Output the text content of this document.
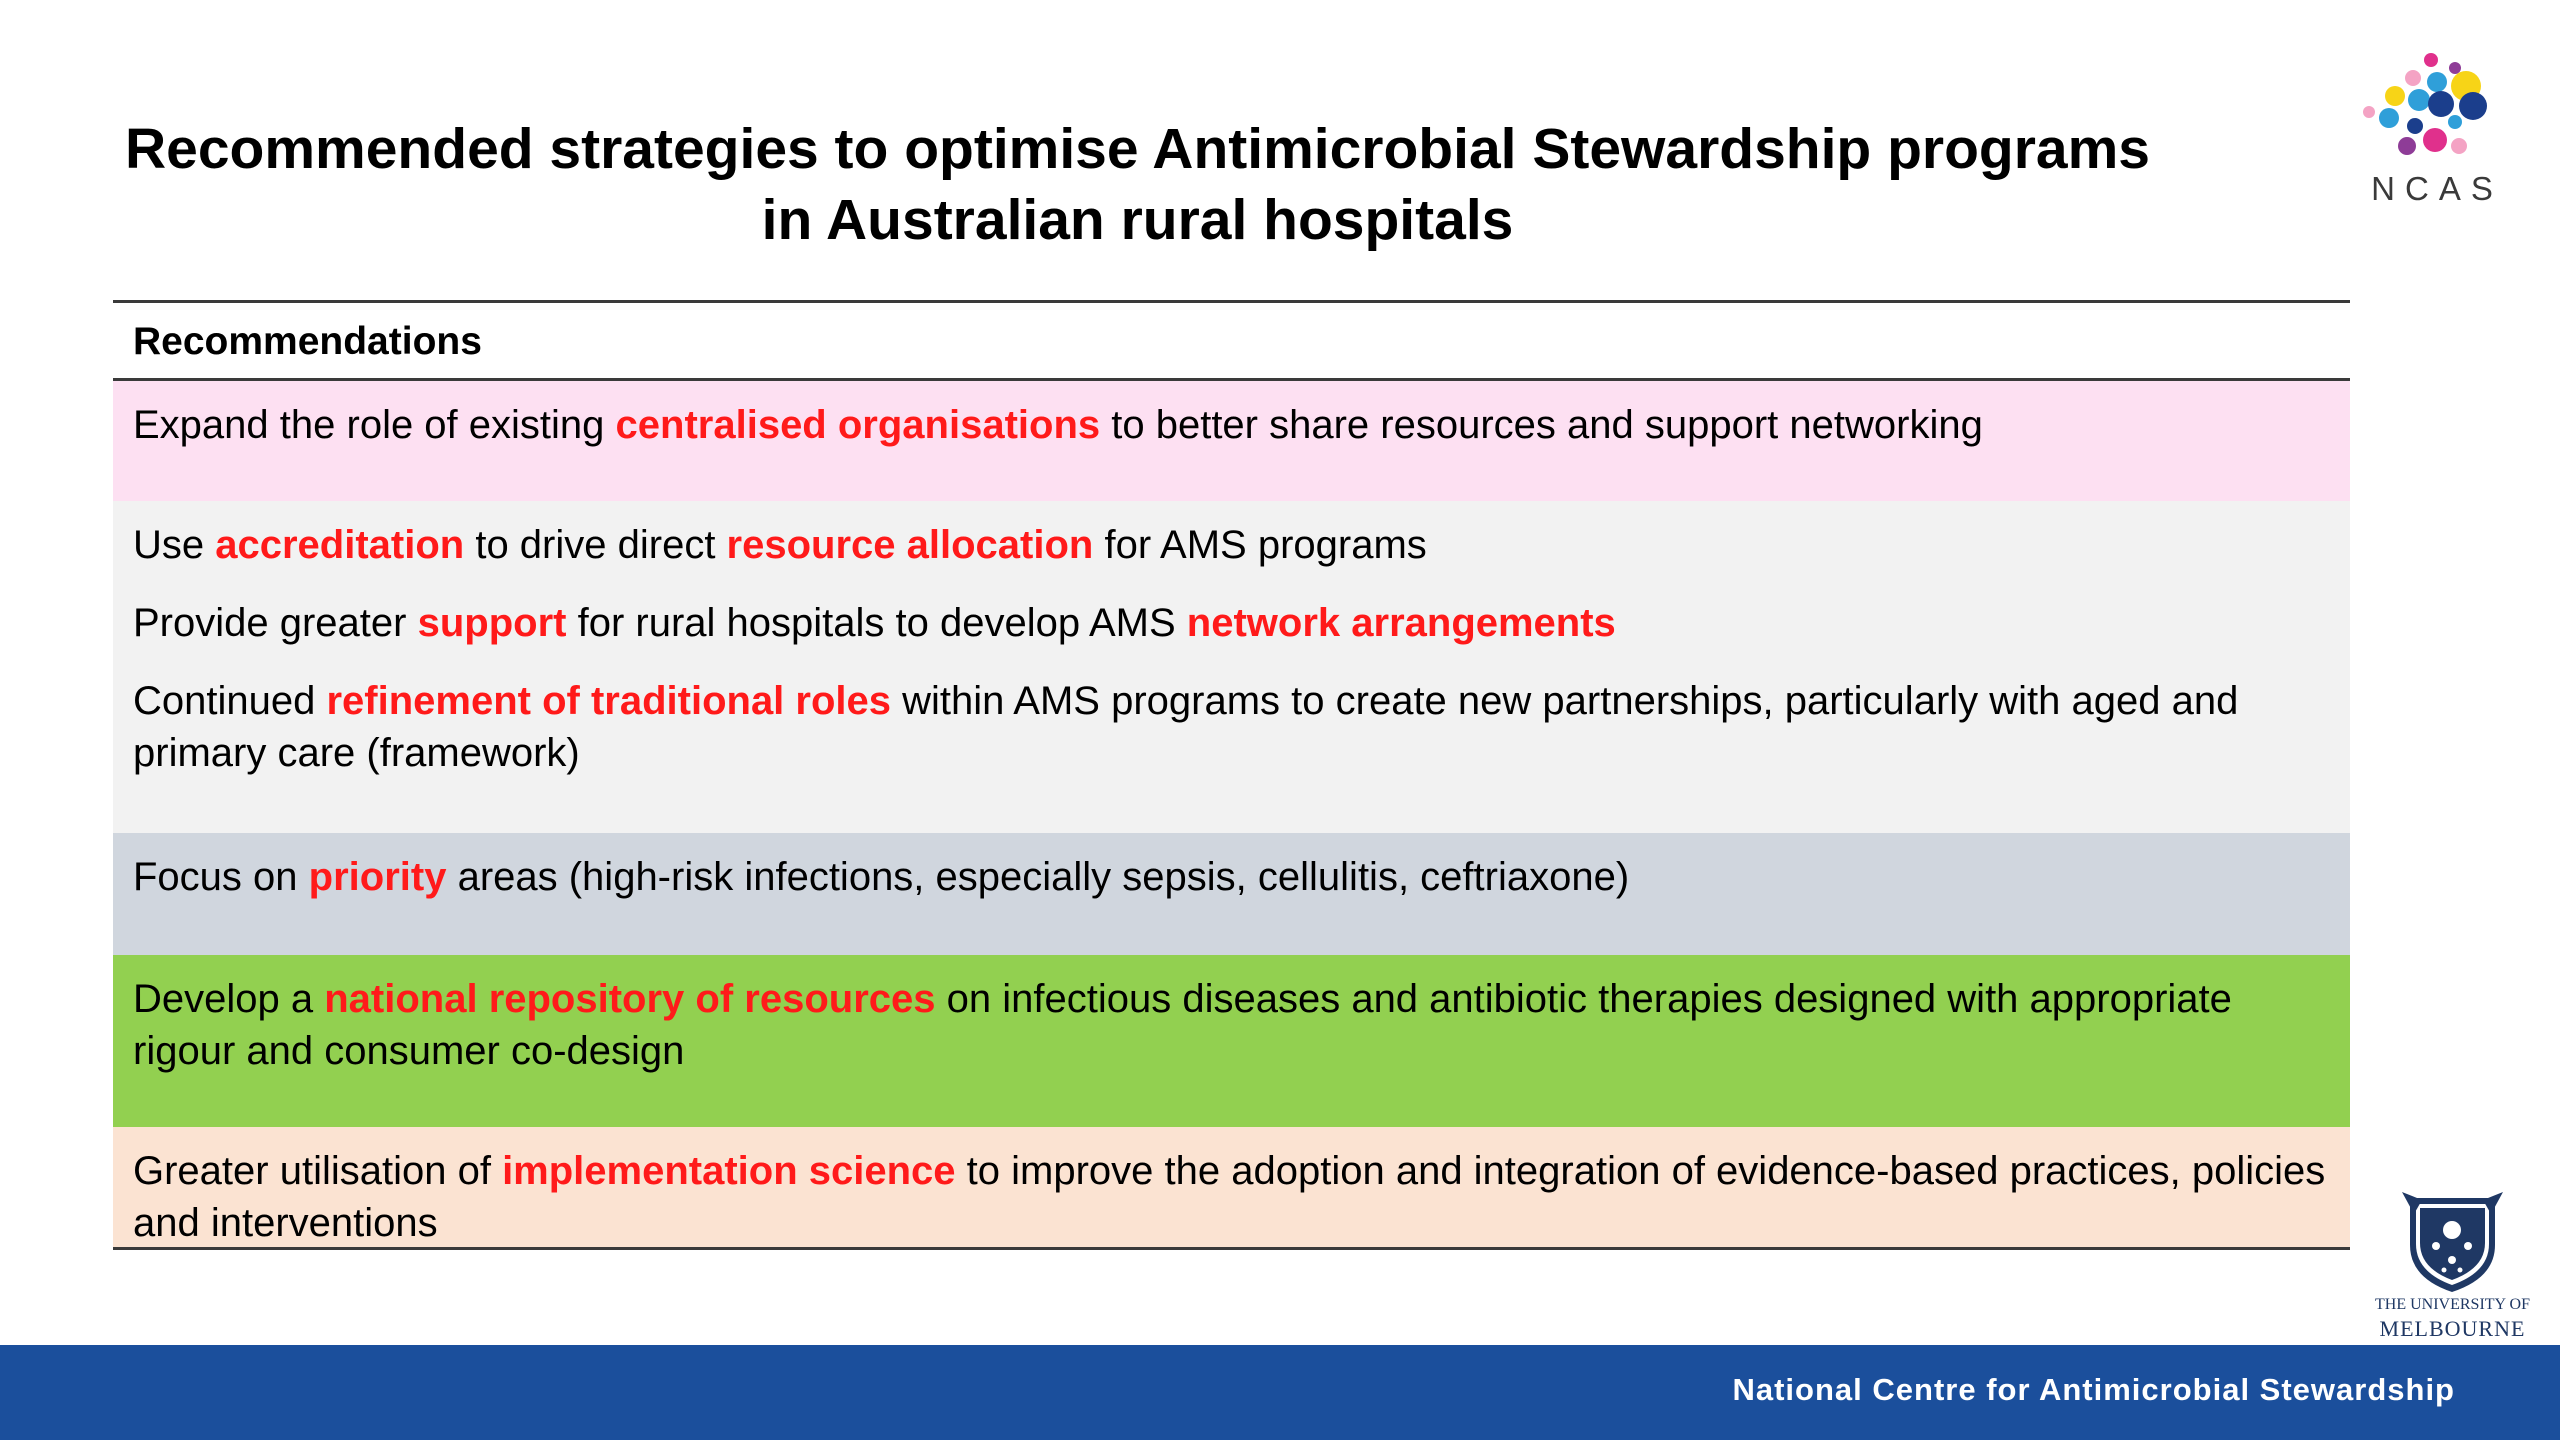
Recommended strategies to optimise Antimicrobial Stewardship programs
in Australian rural hospitals	NCAS
Recommendations

Expand the role of existing centralised organisations to better share resources and support networking

Use accreditation to drive direct resource allocation for AMS programs

Provide greater support for rural hospitals to develop AMS network arrangements

Continued refinement of traditional roles within AMS programs to create new partnerships, particularly with aged and primary care (framework)

Focus on priority areas (high-risk infections, especially sepsis, cellulitis, ceftriaxone)

Develop a national repository of resources on infectious diseases and antibiotic therapies designed with appropriate rigour and consumer co-design

Greater utilisation of implementation science to improve the adoption and integration of evidence-based practices, policies and interventions

THE UNIVERSITY OF
MELBOURNE
National Centre for Antimicrobial Stewardship
